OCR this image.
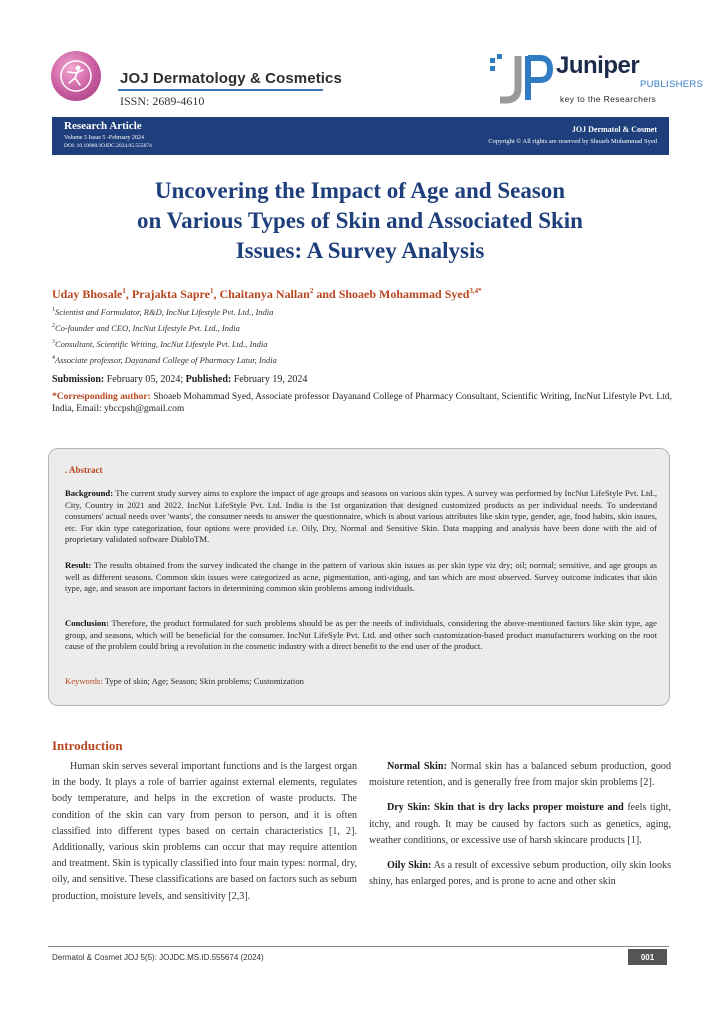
JOJ Dermatology & Cosmetics
ISSN: 2689-4610
Juniper
PUBLISHERS
key to the Researchers
Research Article
Volume 5 Issue 5 -February 2024
DOI: 10.19080/JOJDC.2024.05.555674
JOJ Dermatol & Cosmet
Copyright © All rights are reserved by Shoaeb Mohammad Syed
Uncovering the Impact of Age and Season
on Various Types of Skin and Associated Skin
Issues: A Survey Analysis
Uday Bhosale$^1$, Prajakta Sapre$^1$, Chaitanya Nallan$^2$ and Shoaeb Mohammad Syed$^{3,4*}$
$^1$Scientist and Formulator, R&D, IncNut Lifestyle Pvt. Ltd., India
$^2$Co-founder and CEO, IncNut Lifestyle Pvt. Ltd., India
$^3$Consultant, Scientific Writing, IncNut Lifestyle Pvt. Ltd., India
$^4$Associate professor, Dayanand College of Pharmacy Latur, India
Submission: February 05, 2024; Published: February 19, 2024
*Corresponding author: Shoaeb Mohammad Syed, Associate professor Dayanand College of Pharmacy Consultant, Scientific Writing, IncNut Lifestyle Pvt. Ltd, India, Email: ybccpsh@gmail.com
. Abstract
Background: The current study survey aims to explore the impact of age groups and seasons on various skin types. A survey was performed by IncNut LifeStyle Pvt. Ltd., City, Country in 2021 and 2022. IncNut LifeStyle Pvt. Ltd. India is the 1st organization that designed customized products as per individual needs. To understand consumers' actual needs over 'wants', the consumer needs to answer the questionnaire, which is about various attributes like skin type, gender, age, food habits, skin issues, etc. For skin type categorization, four options were provided i.e. Oily, Dry, Normal and Sensitive Skin. Data mapping and analysis have been done with the aid of proprietary validated software DiabloTM.
Result: The results obtained from the survey indicated the change in the pattern of various skin issues as per skin type viz dry; oil; normal; sensitive, and age groups as well as different seasons. Common skin issues were categorized as acne, pigmentation, anti-aging, and tan which are most observed. Survey outcome indicates that skin type, age, and season are important factors in determining common skin problems among individuals.
Conclusion: Therefore, the product formulated for such problems should be as per the needs of individuals, considering the above-mentioned factors like skin type, age group, and seasons, which will be beneficial for the consumer. IncNut LifeSyle Pvt. Ltd. and other such customization-based product manufacturers working on the root cause of the problem could bring a revolution in the cosmetic industry with a direct benefit to the end user of the product.
Keywords: Type of skin; Age; Season; Skin problems; Customization
Introduction

Human skin serves several important functions and is the largest organ in the body. It plays a role of barrier against external elements, regulates body temperature, and helps in the excretion of waste products. The condition of the skin can vary from person to person, and it is often classified into different types based on certain characteristics [1, 2]. Additionally, various skin problems can occur that may require attention and treatment. Skin is typically classified into four main types: normal, dry, oily, and sensitive. These classifications are based on factors such as sebum production, moisture levels, and sensitivity [2,3].

Normal Skin: Normal skin has a balanced sebum production, good moisture retention, and is generally free from major skin problems [2].

Dry Skin: Skin that is dry lacks proper moisture and feels tight, itchy, and rough. It may be caused by factors such as genetics, aging, weather conditions, or excessive use of harsh skincare products [1].

Oily Skin: As a result of excessive sebum production, oily skin looks shiny, has enlarged pores, and is prone to acne and other skin

Dermatol & Cosmet JOJ 5(5): JOJDC.MS.ID.555674 (2024)	001
